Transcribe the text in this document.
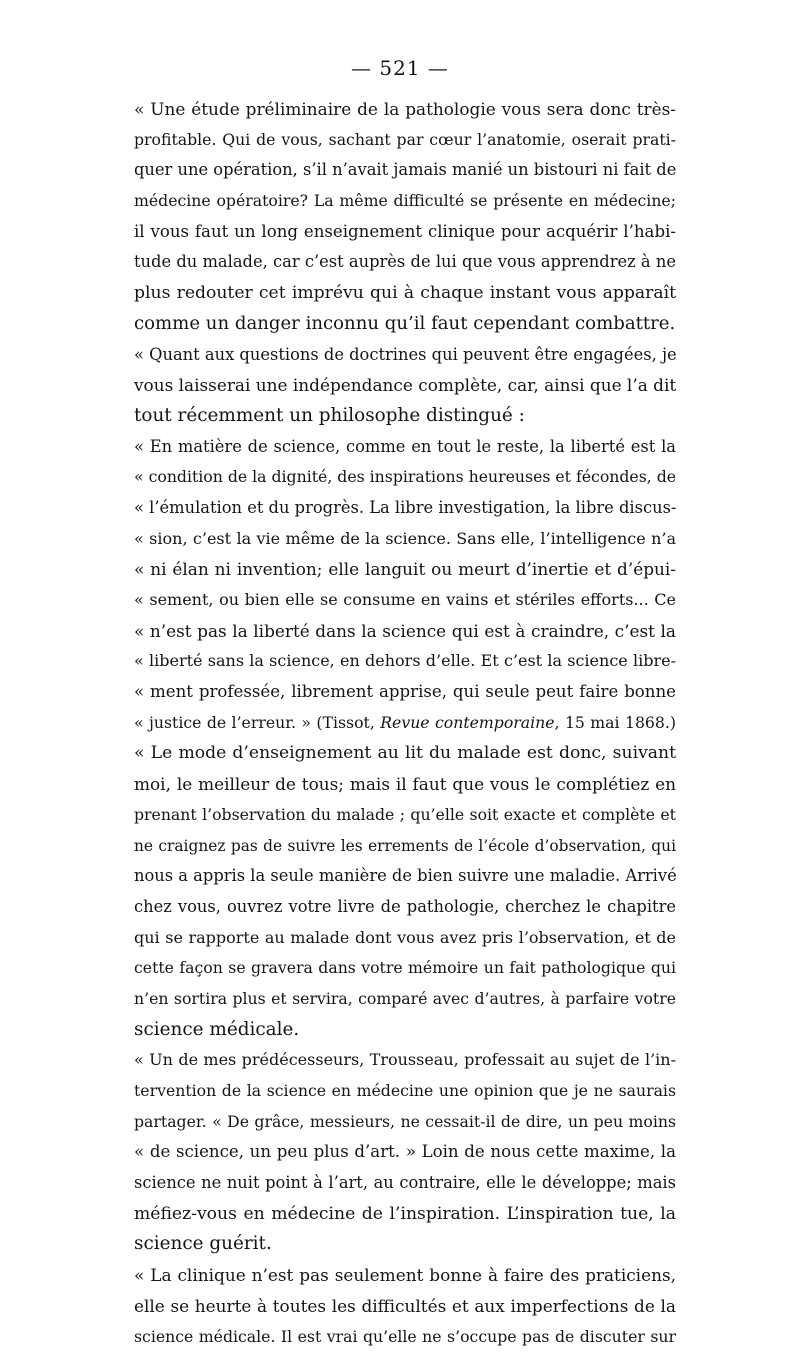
— 521 —
« Une étude préliminaire de la pathologie vous sera donc très-
profitable. Qui de vous, sachant par cœur l’anatomie, oserait prati-
quer une opération, s’il n’avait jamais manié un bistouri ni fait de
médecine opératoire? La même difficulté se présente en médecine;
il vous faut un long enseignement clinique pour acquérir l’habi-
tude du malade, car c’est auprès de lui que vous apprendrez à ne
plus redouter cet imprévu qui à chaque instant vous apparaît
comme un danger inconnu qu’il faut cependant combattre.
« Quant aux questions de doctrines qui peuvent être engagées, je
vous laisserai une indépendance complète, car, ainsi que l’a dit
tout récemment un philosophe distingué :
« En matière de science, comme en tout le reste, la liberté est la
« condition de la dignité, des inspirations heureuses et fécondes, de
« l’émulation et du progrès. La libre investigation, la libre discus-
« sion, c’est la vie même de la science. Sans elle, l’intelligence n’a
« ni élan ni invention; elle languit ou meurt d’inertie et d’épui-
« sement, ou bien elle se consume en vains et stériles efforts... Ce
« n’est pas la liberté dans la science qui est à craindre, c’est la
« liberté sans la science, en dehors d’elle. Et c’est la science libre-
« ment professée, librement apprise, qui seule peut faire bonne
« justice de l’erreur. » (Tissot, Revue contemporaine, 15 mai 1868.)
« Le mode d’enseignement au lit du malade est donc, suivant
moi, le meilleur de tous; mais il faut que vous le complétiez en
prenant l’observation du malade ; qu’elle soit exacte et complète et
ne craignez pas de suivre les errements de l’école d’observation, qui
nous a appris la seule manière de bien suivre une maladie. Arrivé
chez vous, ouvrez votre livre de pathologie, cherchez le chapitre
qui se rapporte au malade dont vous avez pris l’observation, et de
cette façon se gravera dans votre mémoire un fait pathologique qui
n’en sortira plus et servira, comparé avec d’autres, à parfaire votre
science médicale.
« Un de mes prédécesseurs, Trousseau, professait au sujet de l’in-
tervention de la science en médecine une opinion que je ne saurais
partager. « De grâce, messieurs, ne cessait-il de dire, un peu moins
« de science, un peu plus d’art. » Loin de nous cette maxime, la
science ne nuit point à l’art, au contraire, elle le développe; mais
méfiez-vous en médecine de l’inspiration. L’inspiration tue, la
science guérit.
« La clinique n’est pas seulement bonne à faire des praticiens,
elle se heurte à toutes les difficultés et aux imperfections de la
science médicale. Il est vrai qu’elle ne s’occupe pas de discuter sur
